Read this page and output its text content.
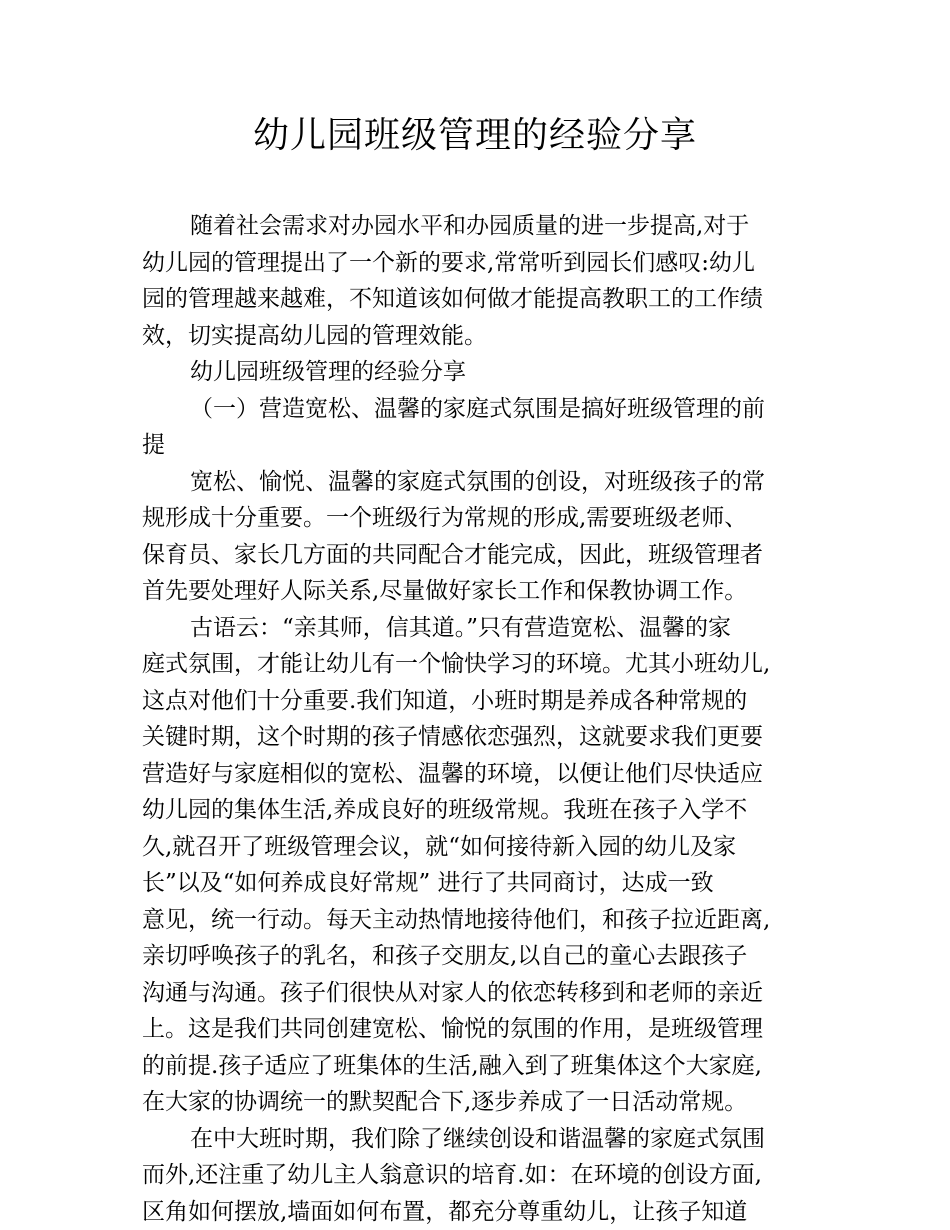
幼儿园班级管理的经验分享
随着社会需求对办园水平和办园质量的进一步提高,对于
幼儿园的管理提出了一个新的要求,常常听到园长们感叹:幼儿
园的管理越来越难，不知道该如何做才能提高教职工的工作绩
效，切实提高幼儿园的管理效能。
幼儿园班级管理的经验分享
（一）营造宽松、温馨的家庭式氛围是搞好班级管理的前
提
宽松、愉悦、温馨的家庭式氛围的创设，对班级孩子的常
规形成十分重要。一个班级行为常规的形成,需要班级老师、
保育员、家长几方面的共同配合才能完成，因此，班级管理者
首先要处理好人际关系,尽量做好家长工作和保教协调工作。
古语云：“亲其师，信其道。”只有营造宽松、温馨的家
庭式氛围，才能让幼儿有一个愉快学习的环境。尤其小班幼儿,
这点对他们十分重要.我们知道，小班时期是养成各种常规的
关键时期，这个时期的孩子情感依恋强烈，这就要求我们更要
营造好与家庭相似的宽松、温馨的环境，以便让他们尽快适应
幼儿园的集体生活,养成良好的班级常规。我班在孩子入学不
久,就召开了班级管理会议，就“如何接待新入园的幼儿及家
长”以及“如何养成良好常规” 进行了共同商讨，达成一致
意见，统一行动。每天主动热情地接待他们，和孩子拉近距离,
亲切呼唤孩子的乳名，和孩子交朋友,以自己的童心去跟孩子
沟通与沟通。孩子们很快从对家人的依恋转移到和老师的亲近
上。这是我们共同创建宽松、愉悦的氛围的作用，是班级管理
的前提.孩子适应了班集体的生活,融入到了班集体这个大家庭,
在大家的协调统一的默契配合下,逐步养成了一日活动常规。
在中大班时期，我们除了继续创设和谐温馨的家庭式氛围
而外,还注重了幼儿主人翁意识的培育.如：在环境的创设方面,
区角如何摆放,墙面如何布置，都充分尊重幼儿，让孩子知道
